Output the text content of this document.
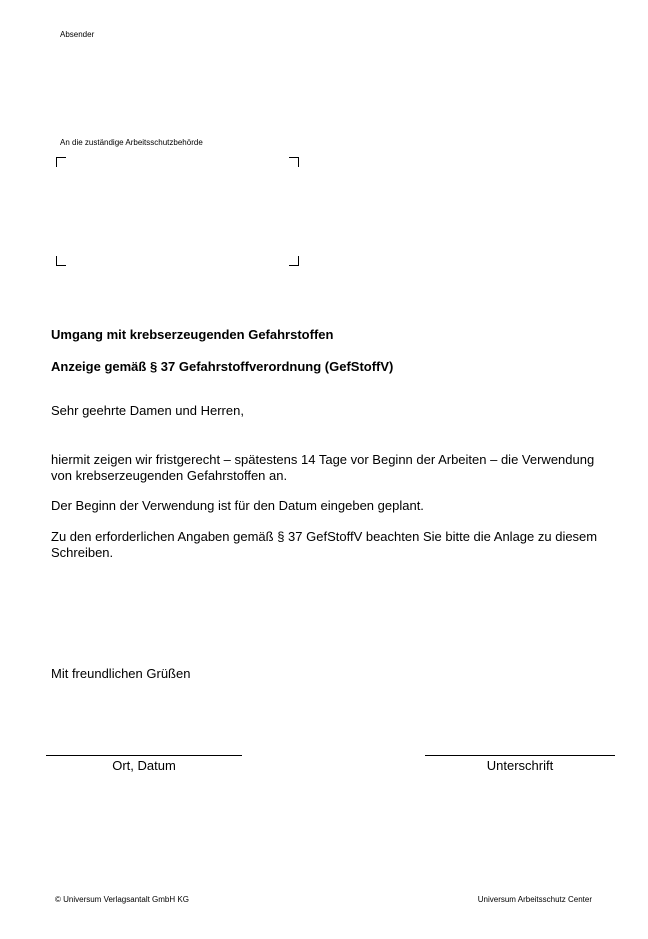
Absender
An die zuständige Arbeitsschutzbehörde
Umgang mit krebserzeugenden Gefahrstoffen
Anzeige gemäß § 37 Gefahrstoffverordnung (GefStoffV)
Sehr geehrte Damen und Herren,
hiermit zeigen wir fristgerecht – spätestens 14 Tage vor Beginn der Arbeiten – die Verwendung von krebserzeugenden Gefahrstoffen an.
Der Beginn der Verwendung ist für den Datum eingeben geplant.
Zu den erforderlichen Angaben gemäß § 37 GefStoffV beachten Sie bitte die Anlage zu diesem Schreiben.
Mit freundlichen Grüßen
Ort, Datum	Unterschrift
© Universum Verlagsantalt GmbH KG	Universum Arbeitsschutz Center
